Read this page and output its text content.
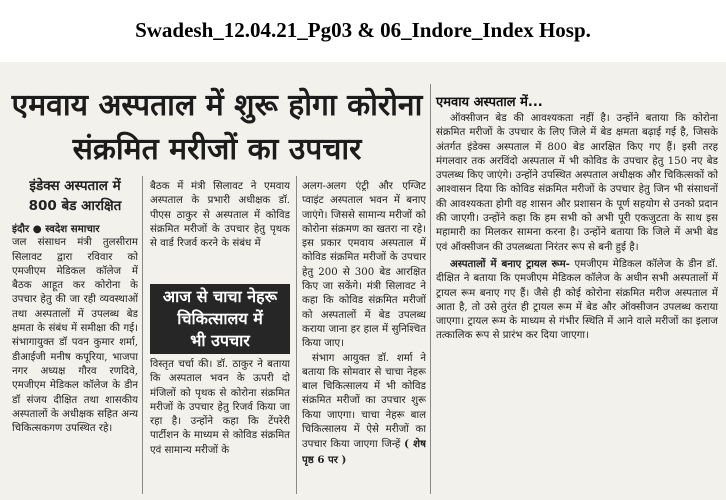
Swadesh_12.04.21_Pg03 & 06_Indore_Index Hosp.
एमवाय अस्पताल में शुरू होगा कोरोना
संक्रमित मरीजों का उपचार
इंडेक्स अस्पताल में
800 बेड आरक्षित

इंदौर ● स्वदेश समाचार

जल संसाधन मंत्री तुलसीराम सिलावट द्वारा रविवार को एमजीएम मेडिकल कॉलेज में बैठक आहूत कर कोरोना के उपचार हेतु की जा रही व्यवस्थाओं तथा अस्पतालों में उपलब्ध बेड क्षमता के संबंध में समीक्षा की गई। संभागायुक्त डॉ पवन कुमार शर्मा, डीआईजी मनीष कपूरिया, भाजपा नगर अध्यक्ष गौरव रणदिवे, एमजीएम मेडिकल कॉलेज के डीन डॉ संजय दीक्षित तथा शासकीय अस्पतालों के अधीक्षक सहित अन्य चिकित्सकगण उपस्थित रहे।

बैठक में मंत्री सिलावट ने एमवाय अस्पताल के प्रभारी अधीक्षक डॉ. पीएस ठाकुर से अस्पताल में कोविड संक्रमित मरीजों के उपचार हेतु पृथक से वार्ड रिजर्व करने के संबंध में

आज से चाचा नेहरू
चिकित्सालय में
भी उपचार

विस्तृत चर्चा की। डॉ. ठाकुर ने बताया कि अस्पताल भवन के ऊपरी दो मंजिलों को पृथक से कोरोना संक्रमित मरीजों के उपचार हेतु रिजर्व किया जा रहा है। उन्होंने कहा कि टेंपरेरी पार्टीशन के माध्यम से कोविड संक्रमित एवं सामान्य मरीजों के

अलग-अलग एंट्री और एग्जिट प्वाइंट अस्पताल भवन में बनाए जाएंगे। जिससे सामान्य मरीजों को कोरोना संक्रमण का खतरा ना रहे। इस प्रकार एमवाय अस्पताल में कोविड संक्रमित मरीजों के उपचार हेतु 200 से 300 बेड आरक्षित किए जा सकेंगे। मंत्री सिलावट ने कहा कि कोविड संक्रमित मरीजों को अस्पतालों में बेड उपलब्ध कराया जाना हर हाल में सुनिश्चित किया जाए।

संभाग आयुक्त डॉ. शर्मा ने बताया कि सोमवार से चाचा नेहरू बाल चिकित्सालय में भी कोविड संक्रमित मरीजों का उपचार शुरू किया जाएगा। चाचा नेहरू बाल चिकित्सालय में ऐसे मरीजों का उपचार किया जाएगा जिन्हें ( शेष पृष्ठ 6 पर )

एमवाय अस्पताल में...

ऑक्सीजन बेड की आवश्यकता नहीं है। उन्होंने बताया कि कोरोना संक्रमित मरीजों के उपचार के लिए जिले में बेड क्षमता बढ़ाई गई है, जिसके अंतर्गत इंडेक्स अस्पताल में 800 बेड आरक्षित किए गए हैं। इसी तरह मंगलवार तक अरविंदो अस्पताल में भी कोविड के उपचार हेतु 150 नए बेड उपलब्ध किए जाएंगे। उन्होंने उपस्थित अस्पताल अधीक्षक और चिकित्सकों को आश्वासन दिया कि कोविड संक्रमित मरीजों के उपचार हेतु जिन भी संसाधनों की आवश्यकता होगी वह शासन और प्रशासन के पूर्ण सहयोग से उनको प्रदान की जाएगी। उन्होंने कहा कि हम सभी को अभी पूरी एकजुटता के साथ इस महामारी का मिलकर सामना करना है। उन्होंने बताया कि जिले में अभी बेड एवं ऑक्सीजन की उपलब्धता निरंतर रूप से बनी हुई है।

अस्पतालों में बनाए ट्रायल रूम- एमजीएम मेडिकल कॉलेज के डीन डॉ. दीक्षित ने बताया कि एमजीएम मेडिकल कॉलेज के अधीन सभी अस्पतालों में ट्रायल रूम बनाए गए हैं। जैसे ही कोई कोरोना संक्रमित मरीज अस्पताल में आता है, तो उसे तुरंत ही ट्रायल रूम में बेड और ऑक्सीजन उपलब्ध कराया जाएगा। ट्रायल रूम के माध्यम से गंभीर स्थिति में आने वाले मरीजों का इलाज तत्कालिक रूप से प्रारंभ कर दिया जाएगा।
